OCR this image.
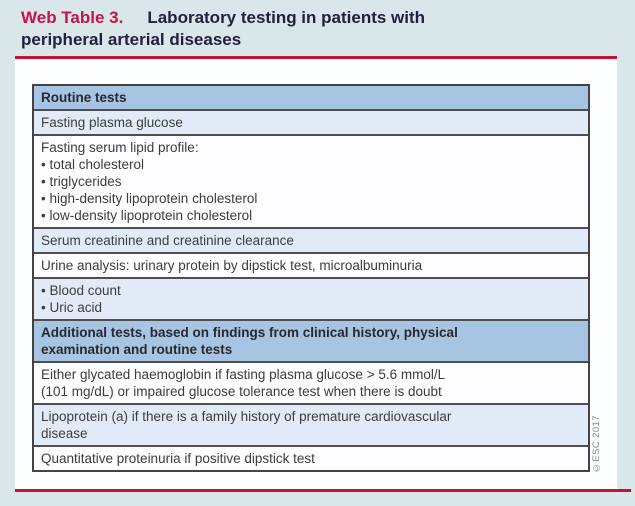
Web Table 3. Laboratory testing in patients with peripheral arterial diseases
Routine tests
Fasting plasma glucose
Fasting serum lipid profile:
• total cholesterol
• triglycerides
• high-density lipoprotein cholesterol
• low-density lipoprotein cholesterol
Serum creatinine and creatinine clearance
Urine analysis: urinary protein by dipstick test, microalbuminuria
• Blood count
• Uric acid
Additional tests, based on findings from clinical history, physical
examination and routine tests
Either glycated haemoglobin if fasting plasma glucose > 5.6 mmol/L
(101 mg/dL) or impaired glucose tolerance test when there is doubt
Lipoprotein (a) if there is a family history of premature cardiovascular
disease
Quantitative proteinuria if positive dipstick test	©ESC 2017
